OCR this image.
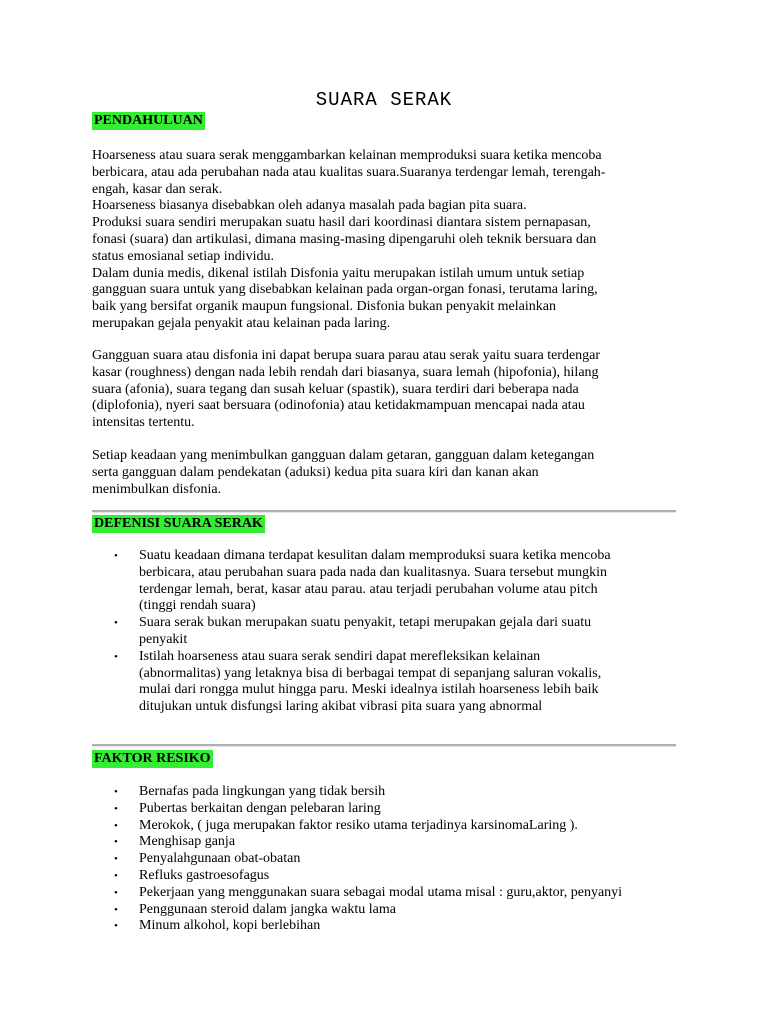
SUARA SERAK
PENDAHULUAN
Hoarseness atau suara serak menggambarkan kelainan memproduksi suara ketika mencoba
berbicara, atau ada perubahan nada atau kualitas suara.Suaranya terdengar lemah, terengah-
engah, kasar dan serak.
Hoarseness biasanya disebabkan oleh adanya masalah pada bagian pita suara.
Produksi suara sendiri merupakan suatu hasil dari koordinasi diantara sistem pernapasan,
fonasi (suara) dan artikulasi, dimana masing-masing dipengaruhi oleh teknik bersuara dan
status emosianal setiap individu.
Dalam dunia medis, dikenal istilah Disfonia yaitu merupakan istilah umum untuk setiap
gangguan suara untuk yang disebabkan kelainan pada organ-organ fonasi, terutama laring,
baik yang bersifat organik maupun fungsional. Disfonia bukan penyakit melainkan
merupakan gejala penyakit atau kelainan pada laring.
Gangguan suara atau disfonia ini dapat berupa suara parau atau serak yaitu suara terdengar
kasar (roughness) dengan nada lebih rendah dari biasanya, suara lemah (hipofonia), hilang
suara (afonia), suara tegang dan susah keluar (spastik), suara terdiri dari beberapa nada
(diplofonia), nyeri saat bersuara (odinofonia) atau ketidakmampuan mencapai nada atau
intensitas tertentu.
Setiap keadaan yang menimbulkan gangguan dalam getaran, gangguan dalam ketegangan
serta gangguan dalam pendekatan (aduksi) kedua pita suara kiri dan kanan akan
menimbulkan disfonia.
DEFENISI SUARA SERAK
• Suatu keadaan dimana terdapat kesulitan dalam memproduksi suara ketika mencoba
berbicara, atau perubahan suara pada nada dan kualitasnya. Suara tersebut mungkin
terdengar lemah, berat, kasar atau parau. atau terjadi perubahan volume atau pitch
(tinggi rendah suara)
• Suara serak bukan merupakan suatu penyakit, tetapi merupakan gejala dari suatu
penyakit
• Istilah hoarseness atau suara serak sendiri dapat merefleksikan kelainan
(abnormalitas) yang letaknya bisa di berbagai tempat di sepanjang saluran vokalis,
mulai dari rongga mulut hingga paru. Meski idealnya istilah hoarseness lebih baik
ditujukan untuk disfungsi laring akibat vibrasi pita suara yang abnormal
FAKTOR RESIKO
• Bernafas pada lingkungan yang tidak bersih
• Pubertas berkaitan dengan pelebaran laring
• Merokok, ( juga merupakan faktor resiko utama terjadinya karsinomaLaring ).
• Menghisap ganja
• Penyalahgunaan obat-obatan
• Refluks gastroesofagus
• Pekerjaan yang menggunakan suara sebagai modal utama misal : guru,aktor, penyanyi
• Penggunaan steroid dalam jangka waktu lama
• Minum alkohol, kopi berlebihan
